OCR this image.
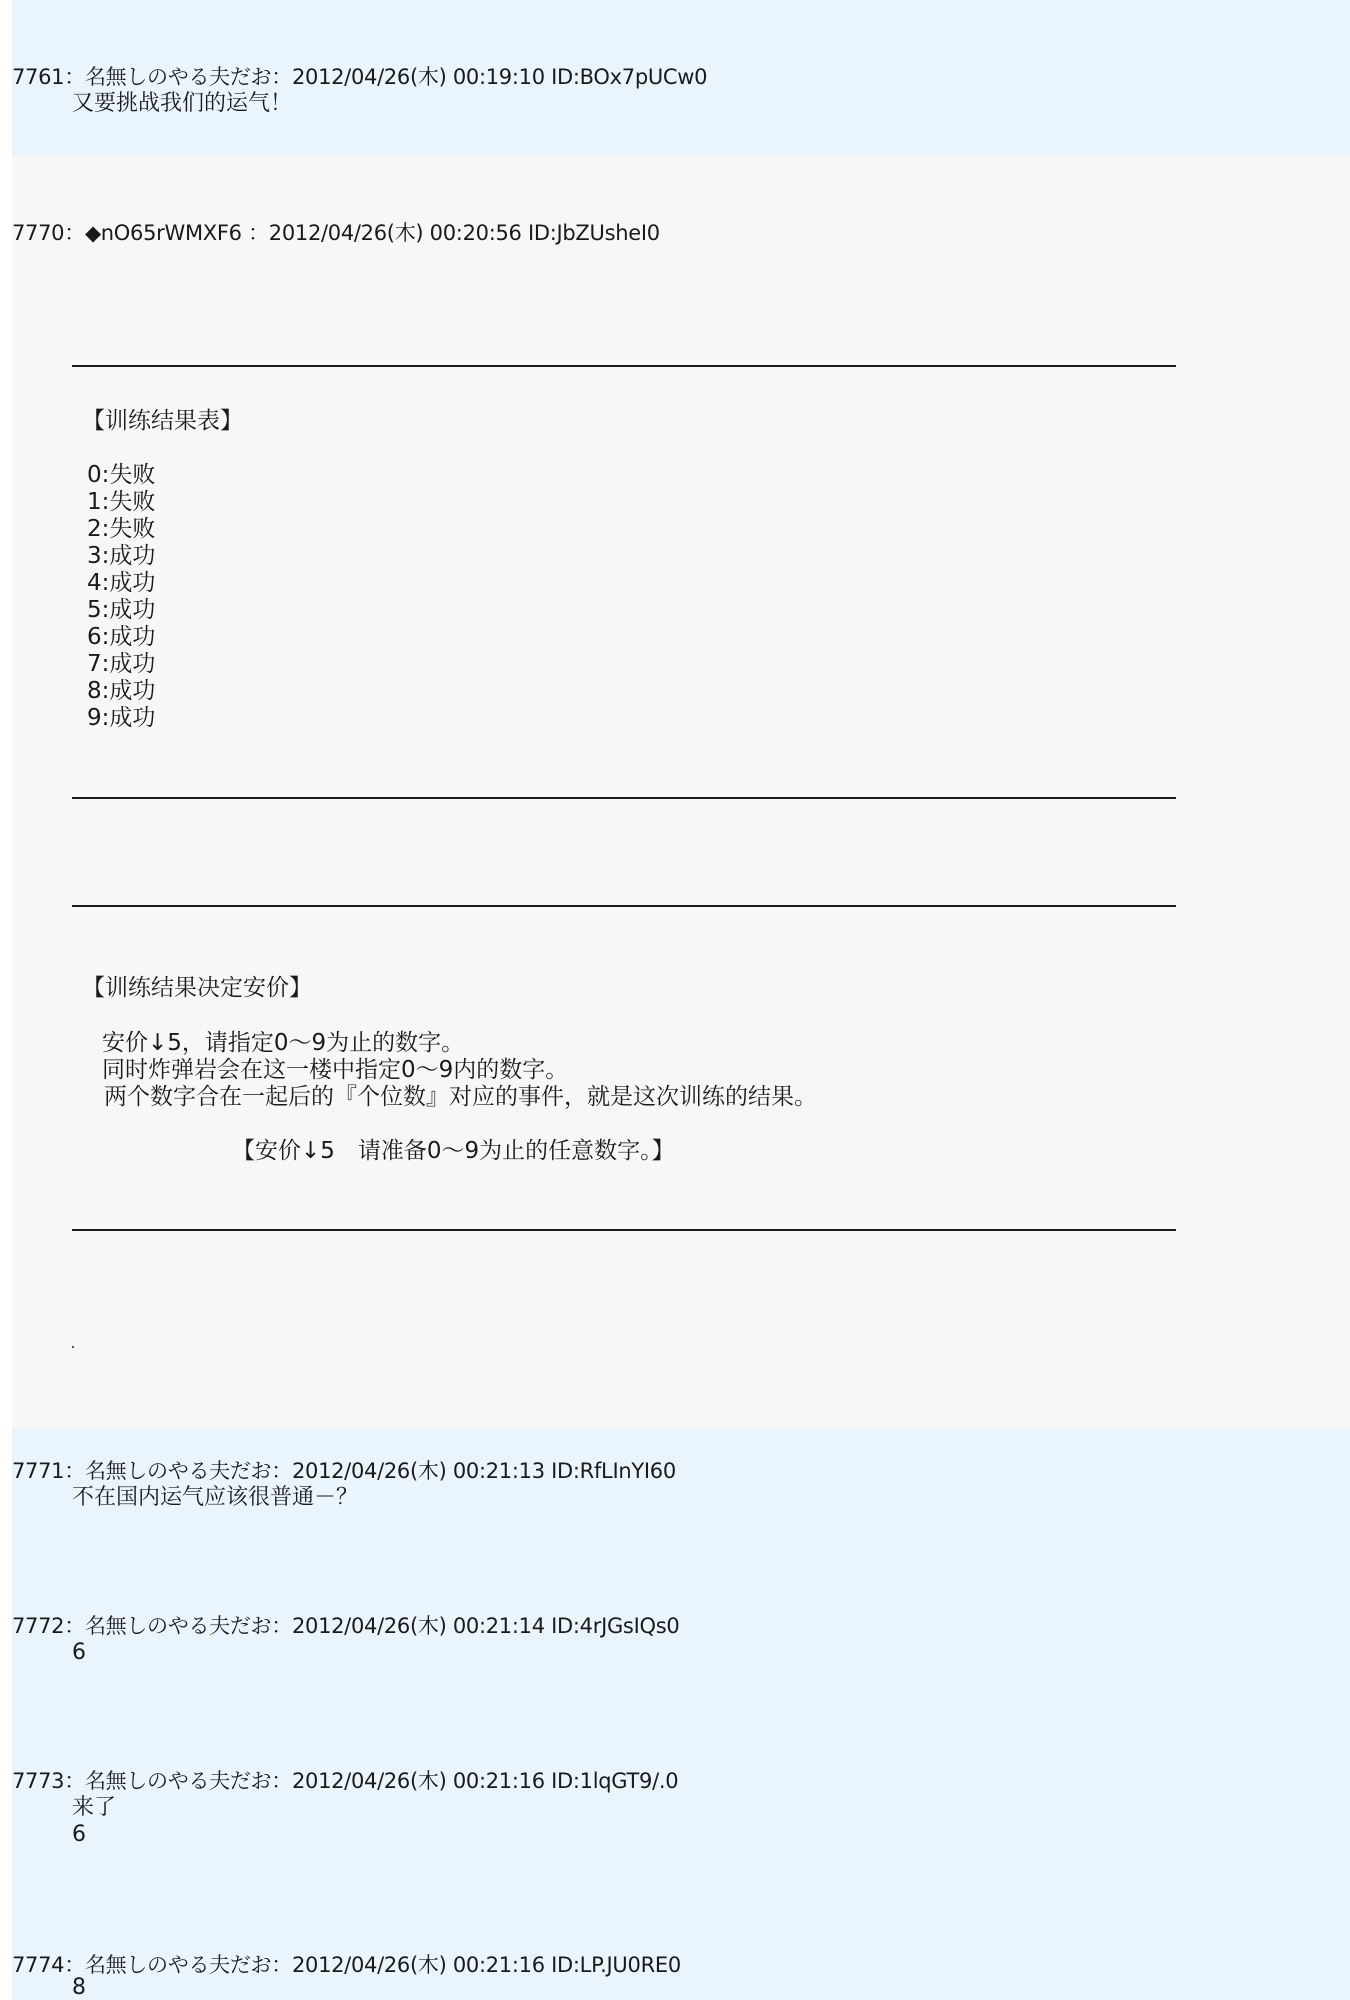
7761：名無しのやる夫だお：2012/04/26(木) 00:19:10 ID:BOx7pUCw0
又要挑战我们的运气！
7770：◆nO65rWMXF6 ：2012/04/26(木) 00:20:56 ID:JbZUsheI0
【训练结果表】
0:失败
1:失败
2:失败
3:成功
4:成功
5:成功
6:成功
7:成功
8:成功
9:成功
【训练结果决定安价】
安价↓5，请指定0～9为止的数字。
同时炸弹岩会在这一楼中指定0～9内的数字。
两个数字合在一起后的『个位数』对应的事件，就是这次训练的结果。
【安价↓5　请准备0～9为止的任意数字。】
7771：名無しのやる夫だお：2012/04/26(木) 00:21:13 ID:RfLInYI60
不在国内运气应该很普通－？
7772：名無しのやる夫だお：2012/04/26(木) 00:21:14 ID:4rJGsIQs0
6
7773：名無しのやる夫だお：2012/04/26(木) 00:21:16 ID:1lqGT9/.0
来了
6
7774：名無しのやる夫だお：2012/04/26(木) 00:21:16 ID:LP.JU0RE0
8
